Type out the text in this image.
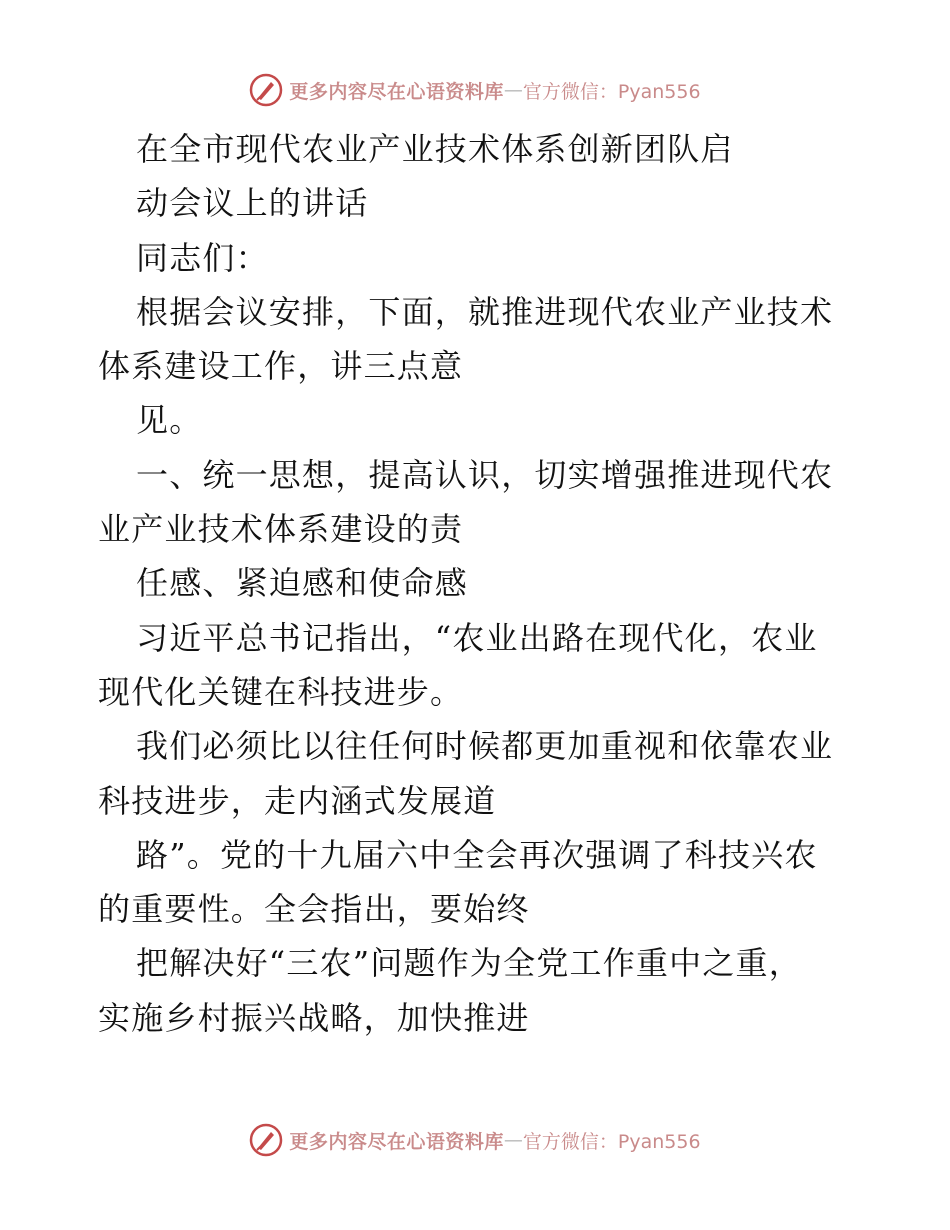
更多内容尽在心语资料库 — 官方微信：Pyan556
在全市现代农业产业技术体系创新团队启
动会议上的讲话
同志们：
根据会议安排，下面，就推进现代农业产业技术
体系建设工作，讲三点意
见。
一、统一思想，提高认识，切实增强推进现代农
业产业技术体系建设的责
任感、紧迫感和使命感
习近平总书记指出，“农业出路在现代化，农业
现代化关键在科技进步。
我们必须比以往任何时候都更加重视和依靠农业
科技进步，走内涵式发展道
路”。党的十九届六中全会再次强调了科技兴农
的重要性。全会指出，要始终
把解决好“三农”问题作为全党工作重中之重，
实施乡村振兴战略，加快推进
更多内容尽在心语资料库 — 官方微信：Pyan556
